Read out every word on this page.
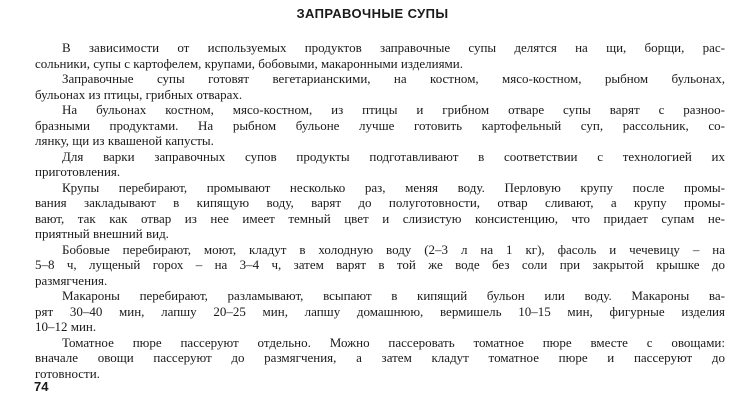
ЗАПРАВОЧНЫЕ СУПЫ

В зависимости от используемых продуктов заправочные супы делятся на щи, борщи, рас-
сольники, супы с картофелем, крупами, бобовыми, макаронными изделиями.

Заправочные супы готовят вегетарианскими, на костном, мясо-костном, рыбном бульонах,
бульонах из птицы, грибных отварах.

На бульонах костном, мясо-костном, из птицы и грибном отваре супы варят с разноо-
бразными продуктами. На рыбном бульоне лучше готовить картофельный суп, рассольник, со-
лянку, щи из квашеной капусты.

Для варки заправочных супов продукты подготавливают в соответствии с технологией их
приготовления.

Крупы перебирают, промывают несколько раз, меняя воду. Перловую крупу после промы-
вания закладывают в кипящую воду, варят до полуготовности, отвар сливают, а крупу промы-
вают, так как отвар из нее имеет темный цвет и слизистую консистенцию, что придает супам не-
приятный внешний вид.

Бобовые перебирают, моют, кладут в холодную воду (2–3 л на 1 кг), фасоль и чечевицу – на
5–8 ч, лущеный горох – на 3–4 ч, затем варят в той же воде без соли при закрытой крышке до
размягчения.

Макароны перебирают, разламывают, всыпают в кипящий бульон или воду. Макароны ва-
рят 30–40 мин, лапшу 20–25 мин, лапшу домашнюю, вермишель 10–15 мин, фигурные изделия
10–12 мин.

Томатное пюре пассеруют отдельно. Можно пассеровать томатное пюре вместе с овощами:
вначале овощи пассеруют до размягчения, а затем кладут томатное пюре и пассеруют до
готовности.

74
